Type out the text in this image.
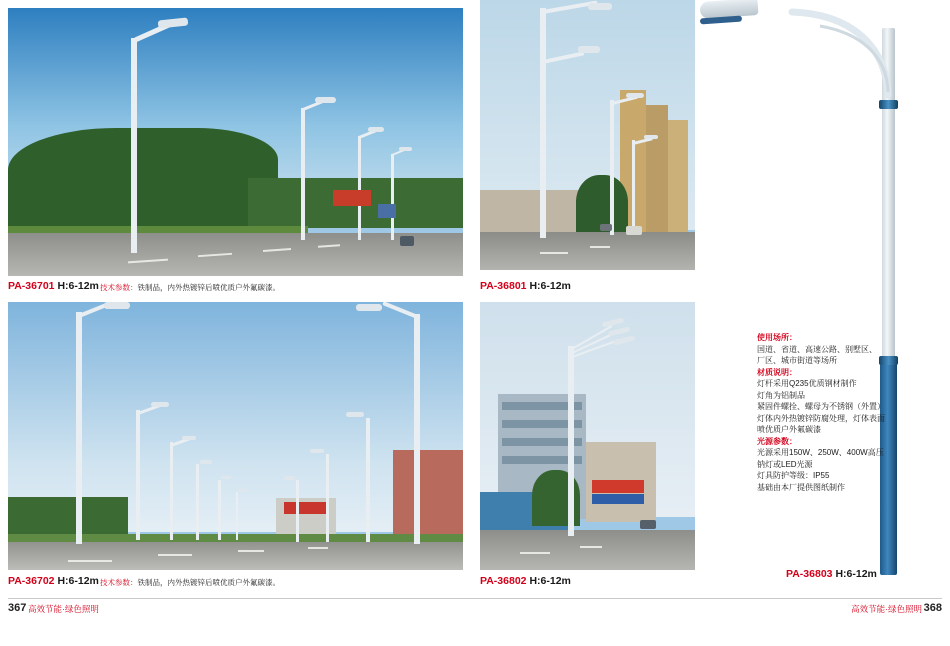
PA-36701 H:6-12m 技术参数：铁制品，内外热镀锌后喷优质户外氟碳漆。	PA-36801 H:6-12m
PA-36702 H:6-12m 技术参数：铁制品，内外热镀锌后喷优质户外氟碳漆。	PA-36802 H:6-12m
PA-36803 H:6-12m
使用场所：
国道、省道、高速公路、别墅区、
厂区、城市街道等场所
材质说明：
灯杆采用Q235优质钢材制作
灯角为铝制品
紧固件螺拴、螺母为不锈钢（外置）
灯体内外热镀锌防腐处理，灯体表面
喷优质户外氟碳漆
光源参数：
光源采用150W、250W、400W高压
钠灯或LED光源
灯具防护等级：IP55
基础由本厂提供图纸制作
367 高效节能·绿色照明	368
高效节能·绿色照明
